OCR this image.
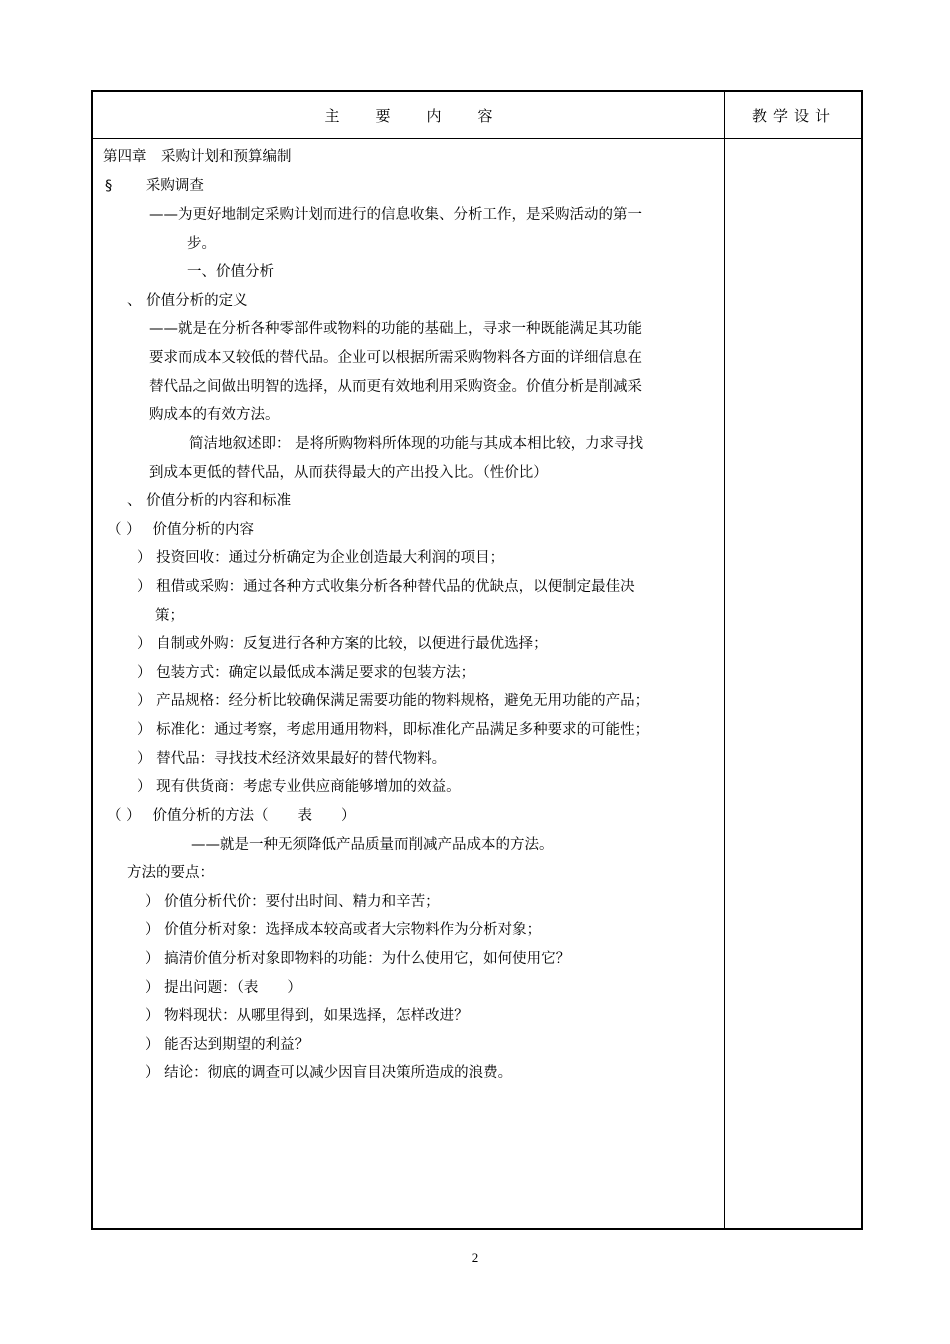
主要内容	教学设计
第四章　采购计划和预算编制
§　　 采购调查
——为更好地制定采购计划而进行的信息收集、分析工作，是采购活动的第一
步。
一、价值分析
、 价值分析的定义
——就是在分析各种零部件或物料的功能的基础上，寻求一种既能满足其功能
要求而成本又较低的替代品。企业可以根据所需采购物料各方面的详细信息在
替代品之间做出明智的选择，从而更有效地利用采购资金。价值分析是削减采
购成本的有效方法。
简洁地叙述即： 是将所购物料所体现的功能与其成本相比较，力求寻找
到成本更低的替代品，从而获得最大的产出投入比。（性价比）
、 价值分析的内容和标准
（ ）　 价值分析的内容
） 投资回收：通过分析确定为企业创造最大利润的项目；
） 租借或采购：通过各种方式收集分析各种替代品的优缺点，以便制定最佳决
策；
） 自制或外购：反复进行各种方案的比较，以便进行最优选择；
） 包装方式：确定以最低成本满足要求的包装方法；
） 产品规格：经分析比较确保满足需要功能的物料规格，避免无用功能的产品；
） 标准化：通过考察，考虑用通用物料，即标准化产品满足多种要求的可能性；
） 替代品：寻找技术经济效果最好的替代物料。
） 现有供货商：考虑专业供应商能够增加的效益。
（ ）　 价值分析的方法（　　表　　）
——就是一种无须降低产品质量而削减产品成本的方法。
方法的要点：
） 价值分析代价：要付出时间、精力和辛苦；
） 价值分析对象：选择成本较高或者大宗物料作为分析对象；
） 搞清价值分析对象即物料的功能：为什么使用它，如何使用它？
） 提出问题：（表　　）
） 物料现状：从哪里得到，如果选择，怎样改进？
） 能否达到期望的利益？
） 结论：彻底的调查可以减少因盲目决策所造成的浪费。
2
